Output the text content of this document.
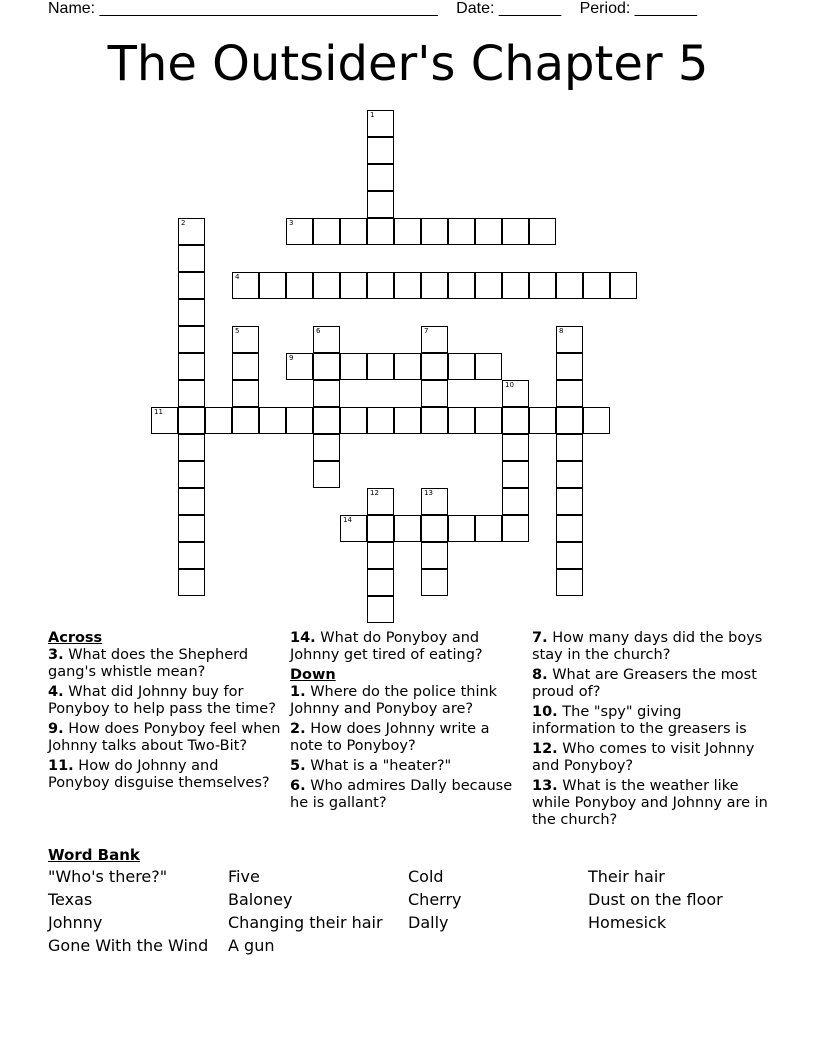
Name: ______________________________________ Date: _______ Period: _______
The Outsider's Chapter 5
1
2	3
4
5	6	7	8
9
10
11
12	13
14
Across
3. What does the Shepherd gang's whistle mean?
4. What did Johnny buy for Ponyboy to help pass the time?
9. How does Ponyboy feel when Johnny talks about Two-Bit?
11. How do Johnny and Ponyboy disguise themselves?
14. What do Ponyboy and Johnny get tired of eating?
Down
1. Where do the police think Johnny and Ponyboy are?
2. How does Johnny write a note to Ponyboy?
5. What is a "heater?"
6. Who admires Dally because he is gallant?
7. How many days did the boys stay in the church?
8. What are Greasers the most proud of?
10. The "spy" giving information to the greasers is
12. Who comes to visit Johnny and Ponyboy?
13. What is the weather like while Ponyboy and Johnny are in the church?
Word Bank
"Who's there?"	Five	Cold	Their hair
Texas	Baloney	Cherry	Dust on the floor
Johnny	Changing their hair	Dally	Homesick
Gone With the Wind	A gun
